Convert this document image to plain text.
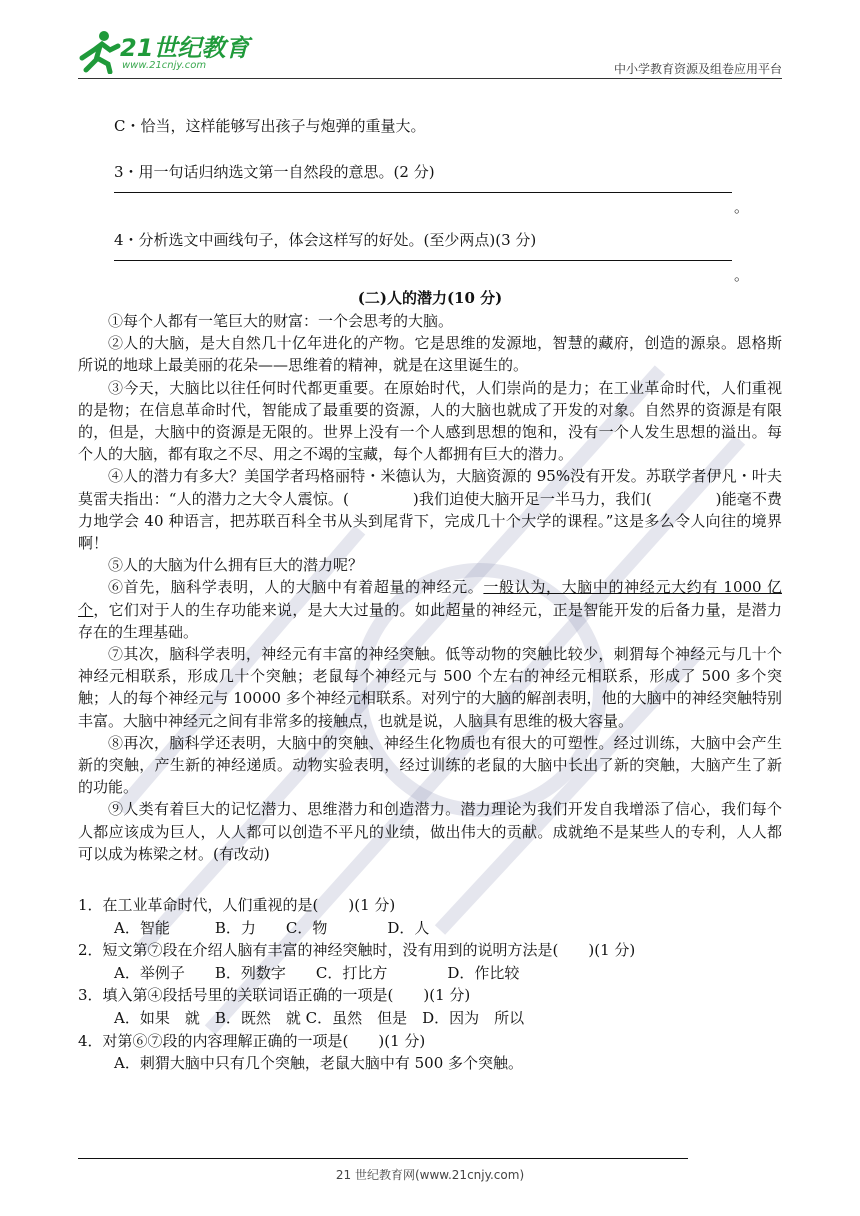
21世纪教育
www.21cnjy.com	中小学教育资源及组卷应用平台
C・恰当，这样能够写出孩子与炮弹的重量大。
3・用一句话归纳选文第一自然段的意思。(2 分)
。
4・分析选文中画线句子，体会这样写的好处。(至少两点)(3 分)
。
(二)人的潜力(10 分)

①每个人都有一笔巨大的财富：一个会思考的大脑。

②人的大脑，是大自然几十亿年进化的产物。它是思维的发源地，智慧的藏府，创造的源泉。恩格斯所说的地球上最美丽的花朵——思维着的精神，就是在这里诞生的。

③今天，大脑比以往任何时代都更重要。在原始时代，人们崇尚的是力；在工业革命时代，人们重视的是物；在信息革命时代，智能成了最重要的资源，人的大脑也就成了开发的对象。自然界的资源是有限的，但是，大脑中的资源是无限的。世界上没有一个人感到思想的饱和，没有一个人发生思想的溢出。每个人的大脑，都有取之不尽、用之不竭的宝藏，每个人都拥有巨大的潜力。

④人的潜力有多大？美国学者玛格丽特・米德认为，大脑资源的 95%没有开发。苏联学者伊凡・叶夫莫雷夫指出：“人的潜力之大令人震惊。(	)我们迫使大脑开足一半马力，我们(	)能毫不费力地学会 40 种语言，把苏联百科全书从头到尾背下，完成几十个大学的课程。”这是多么令人向往的境界啊！

⑤人的大脑为什么拥有巨大的潜力呢？

⑥首先，脑科学表明，人的大脑中有着超量的神经元。一般认为，大脑中的神经元大约有 1000 亿个，它们对于人的生存功能来说，是大大过量的。如此超量的神经元，正是智能开发的后备力量，是潜力存在的生理基础。

⑦其次，脑科学表明，神经元有丰富的神经突触。低等动物的突触比较少，刺猬每个神经元与几十个神经元相联系，形成几十个突触；老鼠每个神经元与 500 个左右的神经元相联系，形成了 500 多个突触；人的每个神经元与 10000 多个神经元相联系。对列宁的大脑的解剖表明，他的大脑中的神经突触特别丰富。大脑中神经元之间有非常多的接触点，也就是说，人脑具有思维的极大容量。

⑧再次，脑科学还表明，大脑中的突触、神经生化物质也有很大的可塑性。经过训练，大脑中会产生新的突触，产生新的神经递质。动物实验表明，经过训练的老鼠的大脑中长出了新的突触，大脑产生了新的功能。

⑨人类有着巨大的记忆潜力、思维潜力和创造潜力。潜力理论为我们开发自我增添了信心，我们每个人都应该成为巨人，人人都可以创造不平凡的业绩，做出伟大的贡献。成就绝不是某些人的专利，人人都可以成为栋梁之材。(有改动)

1．在工业革命时代，人们重视的是(　　)(1 分)
A．智能　　　B．力　　C．物　　　　D．人
2．短文第⑦段在介绍人脑有丰富的神经突触时，没有用到的说明方法是(　　)(1 分)
A．举例子　　B．列数字　　C．打比方　　　　D．作比较
3．填入第④段括号里的关联词语正确的一项是(　　)(1 分)
A．如果　就　B．既然　就 C．虽然　但是　D．因为　所以
4．对第⑥⑦段的内容理解正确的一项是(　　)(1 分)
A．刺猬大脑中只有几个突触，老鼠大脑中有 500 多个突触。
21 世纪教育网(www.21cnjy.com)
